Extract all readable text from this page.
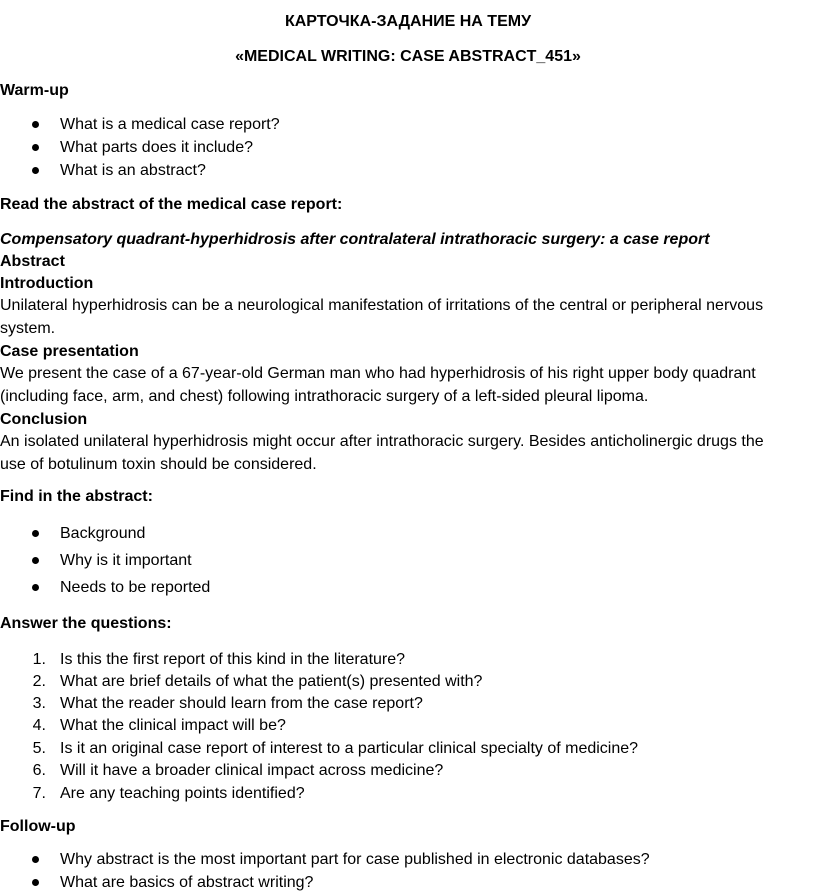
КАРТОЧКА-ЗАДАНИЕ НА ТЕМУ
«MEDICAL WRITING: CASE ABSTRACT_451»
Warm-up
What is a medical case report?
What parts does it include?
What is an abstract?
Read the abstract of the medical case report:
Compensatory quadrant-hyperhidrosis after contralateral intrathoracic surgery: a case report
Abstract
Introduction
Unilateral hyperhidrosis can be a neurological manifestation of irritations of the central or peripheral nervous
system.
Case presentation
We present the case of a 67-year-old German man who had hyperhidrosis of his right upper body quadrant
(including face, arm, and chest) following intrathoracic surgery of a left-sided pleural lipoma.
Conclusion
An isolated unilateral hyperhidrosis might occur after intrathoracic surgery. Besides anticholinergic drugs the
use of botulinum toxin should be considered.
Find in the abstract:
Background
Why is it important
Needs to be reported
Answer the questions:
1. Is this the first report of this kind in the literature?
2. What are brief details of what the patient(s) presented with?
3. What the reader should learn from the case report?
4. What the clinical impact will be?
5. Is it an original case report of interest to a particular clinical specialty of medicine?
6. Will it have a broader clinical impact across medicine?
7. Are any teaching points identified?
Follow-up
Why abstract is the most important part for case published in electronic databases?
What are basics of abstract writing?
